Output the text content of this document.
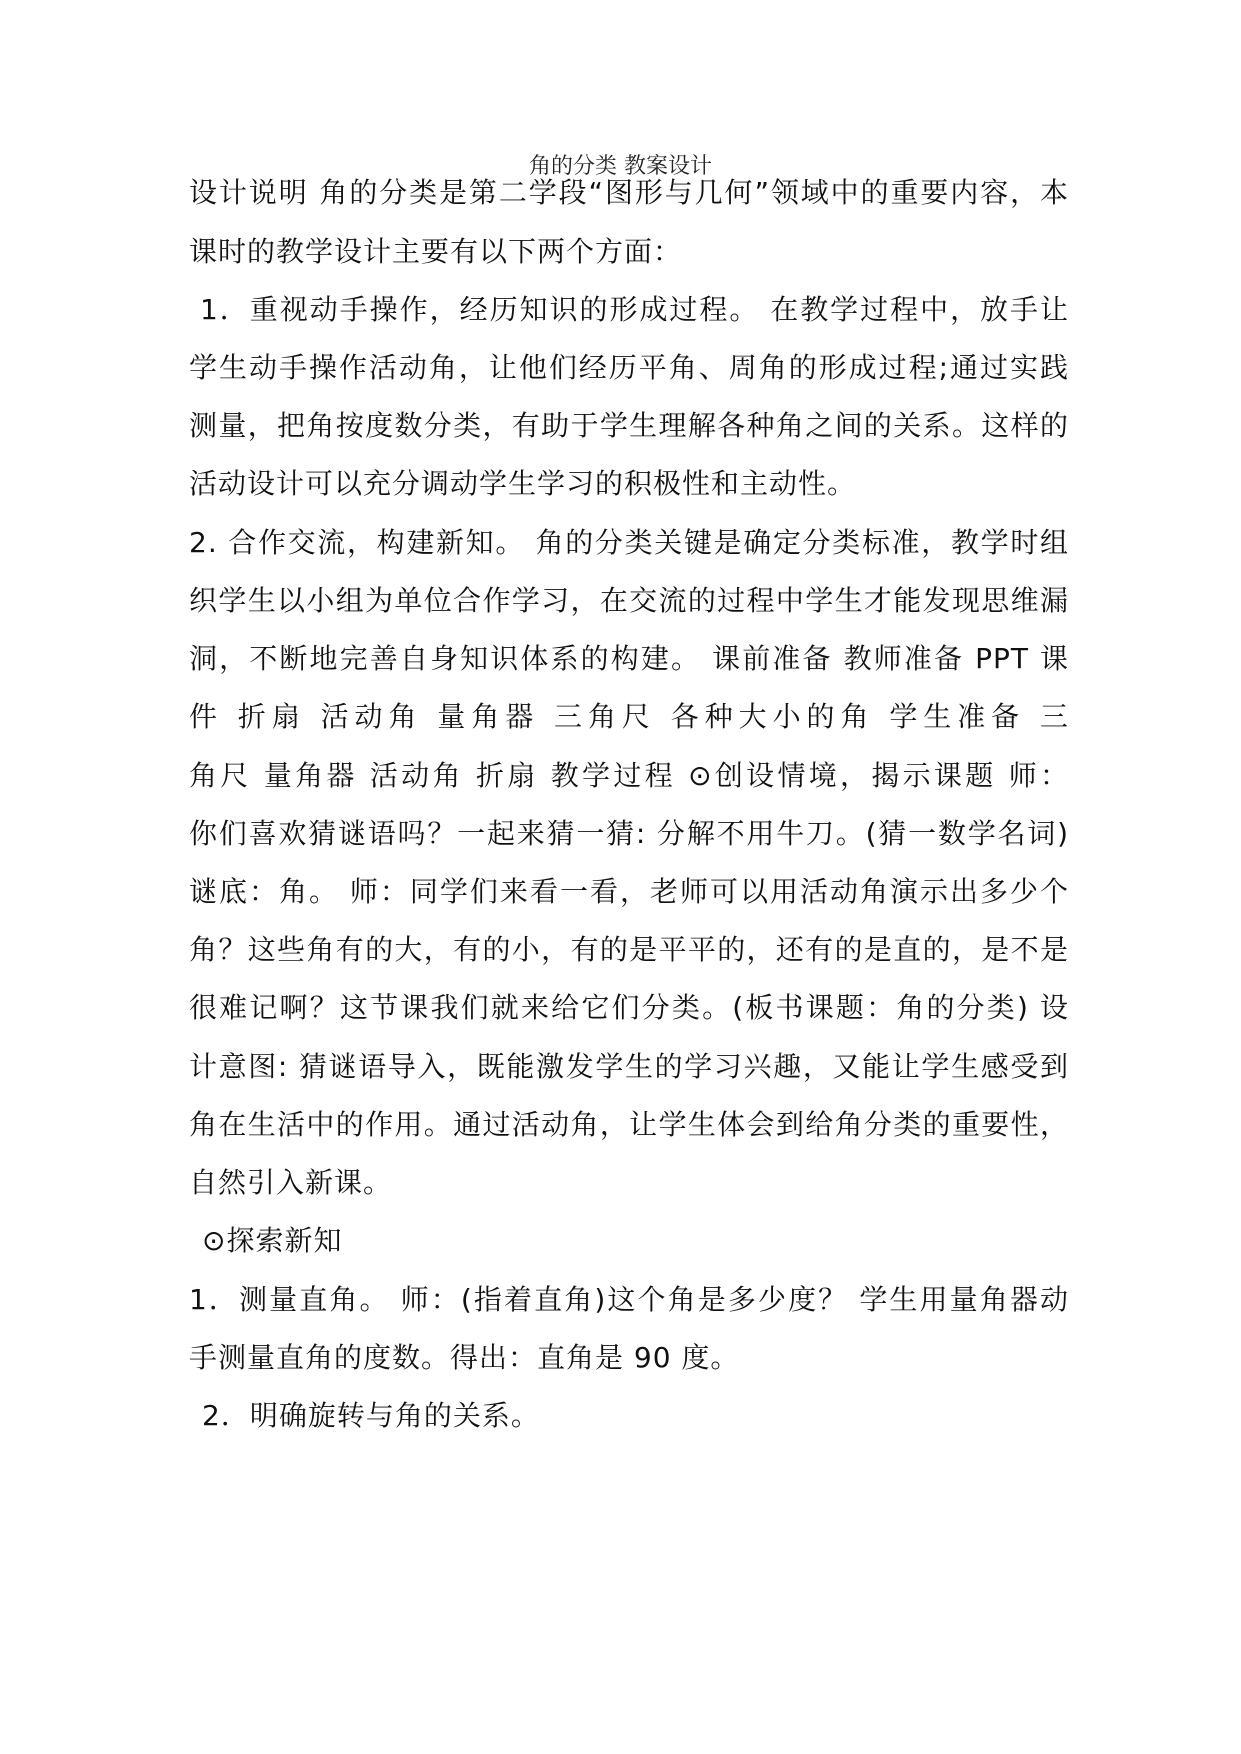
角的分类 教案设计
设计说明 角的分类是第二学段“图形与几何”领域中的重要内容，本
课时的教学设计主要有以下两个方面：
1．重视动手操作，经历知识的形成过程。 在教学过程中，放手让
学生动手操作活动角，让他们经历平角、周角的形成过程;通过实践
测量，把角按度数分类，有助于学生理解各种角之间的关系。这样的
活动设计可以充分调动学生学习的积极性和主动性。
2. 合作交流，构建新知。 角的分类关键是确定分类标准，教学时组
织学生以小组为单位合作学习，在交流的过程中学生才能发现思维漏
洞，不断地完善自身知识体系的构建。 课前准备 教师准备 PPT 课
件 折扇 活动角 量角器 三角尺 各种大小的角 学生准备 三
角尺 量角器 活动角 折扇 教学过程 ⊙创设情境，揭示课题 师：
你们喜欢猜谜语吗？一起来猜一猜: 分解不用牛刀。(猜一数学名词)
谜底：角。 师：同学们来看一看，老师可以用活动角演示出多少个
角？这些角有的大，有的小，有的是平平的，还有的是直的，是不是
很难记啊？这节课我们就来给它们分类。(板书课题：角的分类) 设
计意图: 猜谜语导入，既能激发学生的学习兴趣，又能让学生感受到
角在生活中的作用。通过活动角，让学生体会到给角分类的重要性，
自然引入新课。
⊙探索新知
1．测量直角。 师：(指着直角)这个角是多少度？ 学生用量角器动
手测量直角的度数。得出：直角是 90 度。
2．明确旋转与角的关系。
